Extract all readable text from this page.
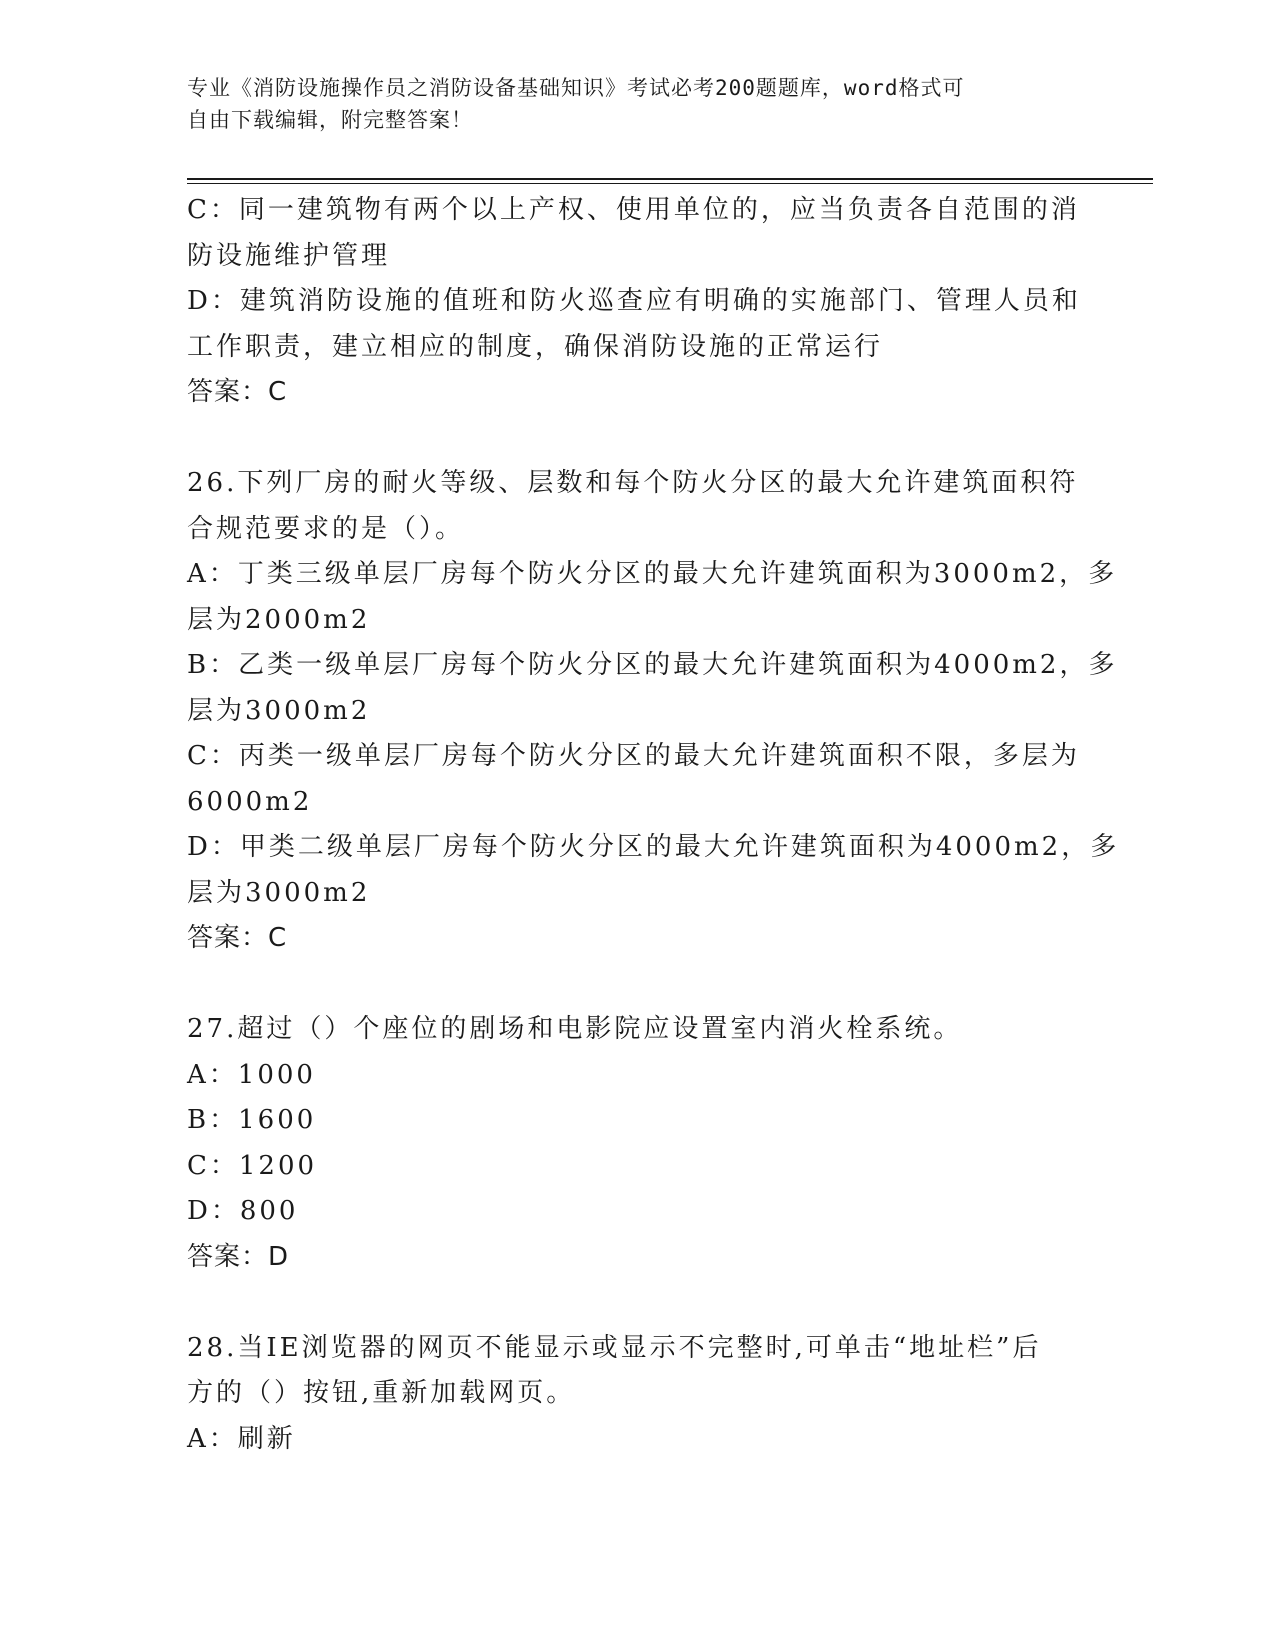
专业《消防设施操作员之消防设备基础知识》考试必考200题题库，word格式可
自由下载编辑，附完整答案！
C：同一建筑物有两个以上产权、使用单位的，应当负责各自范围的消
防设施维护管理
D：建筑消防设施的值班和防火巡查应有明确的实施部门、管理人员和
工作职责，建立相应的制度，确保消防设施的正常运行
答案：C
26.下列厂房的耐火等级、层数和每个防火分区的最大允许建筑面积符
合规范要求的是（）。
A：丁类三级单层厂房每个防火分区的最大允许建筑面积为3000m2，多
层为2000m2
B：乙类一级单层厂房每个防火分区的最大允许建筑面积为4000m2，多
层为3000m2
C：丙类一级单层厂房每个防火分区的最大允许建筑面积不限，多层为
6000m2
D：甲类二级单层厂房每个防火分区的最大允许建筑面积为4000m2，多
层为3000m2
答案：C
27.超过（）个座位的剧场和电影院应设置室内消火栓系统。
A：1000
B：1600
C：1200
D：800
答案：D
28.当IE浏览器的网页不能显示或显示不完整时,可单击“地址栏”后
方的（）按钮,重新加载网页。
A：刷新
